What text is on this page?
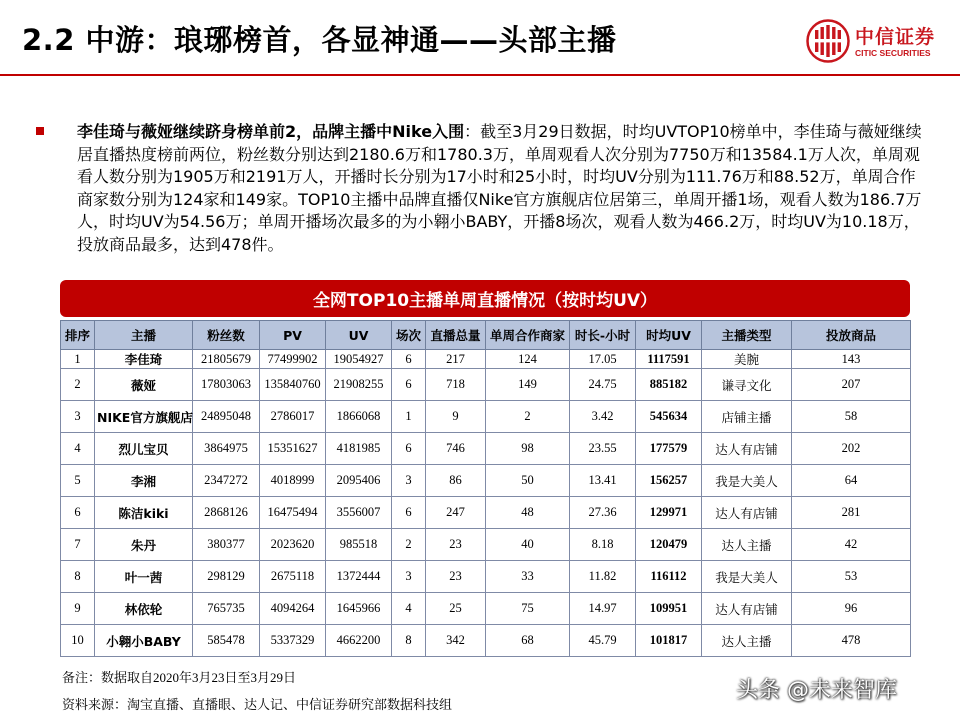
2.2 中游：琅琊榜首，各显神通——头部主播	中信证券
CITIC SECURITIES
李佳琦与薇娅继续跻身榜单前2，品牌主播中Nike入围：截至3月29日数据，时均UVTOP10榜单中，李佳琦与薇娅继续居直播热度榜前两位，粉丝数分别达到2180.6万和1780.3万，单周观看人次分别为7750万和13584.1万人次，单周观看人数分别为1905万和2191万人，开播时长分别为17小时和25小时，时均UV分别为111.76万和88.52万，单周合作商家数分别为124家和149家。TOP10主播中品牌直播仅Nike官方旗舰店位居第三，单周开播1场，观看人数为186.7万人，时均UV为54.56万；单周开播场次最多的为小翱小BABY，开播8场次，观看人数为466.2万，时均UV为10.18万，投放商品最多，达到478件。
全网TOP10主播单周直播情况（按时均UV）
排序	主播	粉丝数	PV	UV	场次	直播总量	单周合作商家	时长-小时	时均UV	主播类型	投放商品
1	李佳琦	21805679	77499902	19054927	6	217	124	17.05	1117591	美腕	143
2	薇娅	17803063	135840760	21908255	6	718	149	24.75	885182	谦寻文化	207
3	NIKE官方旗舰店	24895048	2786017	1866068	1	9	2	3.42	545634	店铺主播	58
4	烈儿宝贝	3864975	15351627	4181985	6	746	98	23.55	177579	达人有店铺	202
5	李湘	2347272	4018999	2095406	3	86	50	13.41	156257	我是大美人	64
6	陈洁kiki	2868126	16475494	3556007	6	247	48	27.36	129971	达人有店铺	281
7	朱丹	380377	2023620	985518	2	23	40	8.18	120479	达人主播	42
8	叶一茜	298129	2675118	1372444	3	23	33	11.82	116112	我是大美人	53
9	林依轮	765735	4094264	1645966	4	25	75	14.97	109951	达人有店铺	96
10	小翱小BABY	585478	5337329	4662200	8	342	68	45.79	101817	达人主播	478
备注：数据取自2020年3月23日至3月29日
资料来源：淘宝直播、直播眼、达人记、中信证券研究部数据科技组
头条 @未来智库
